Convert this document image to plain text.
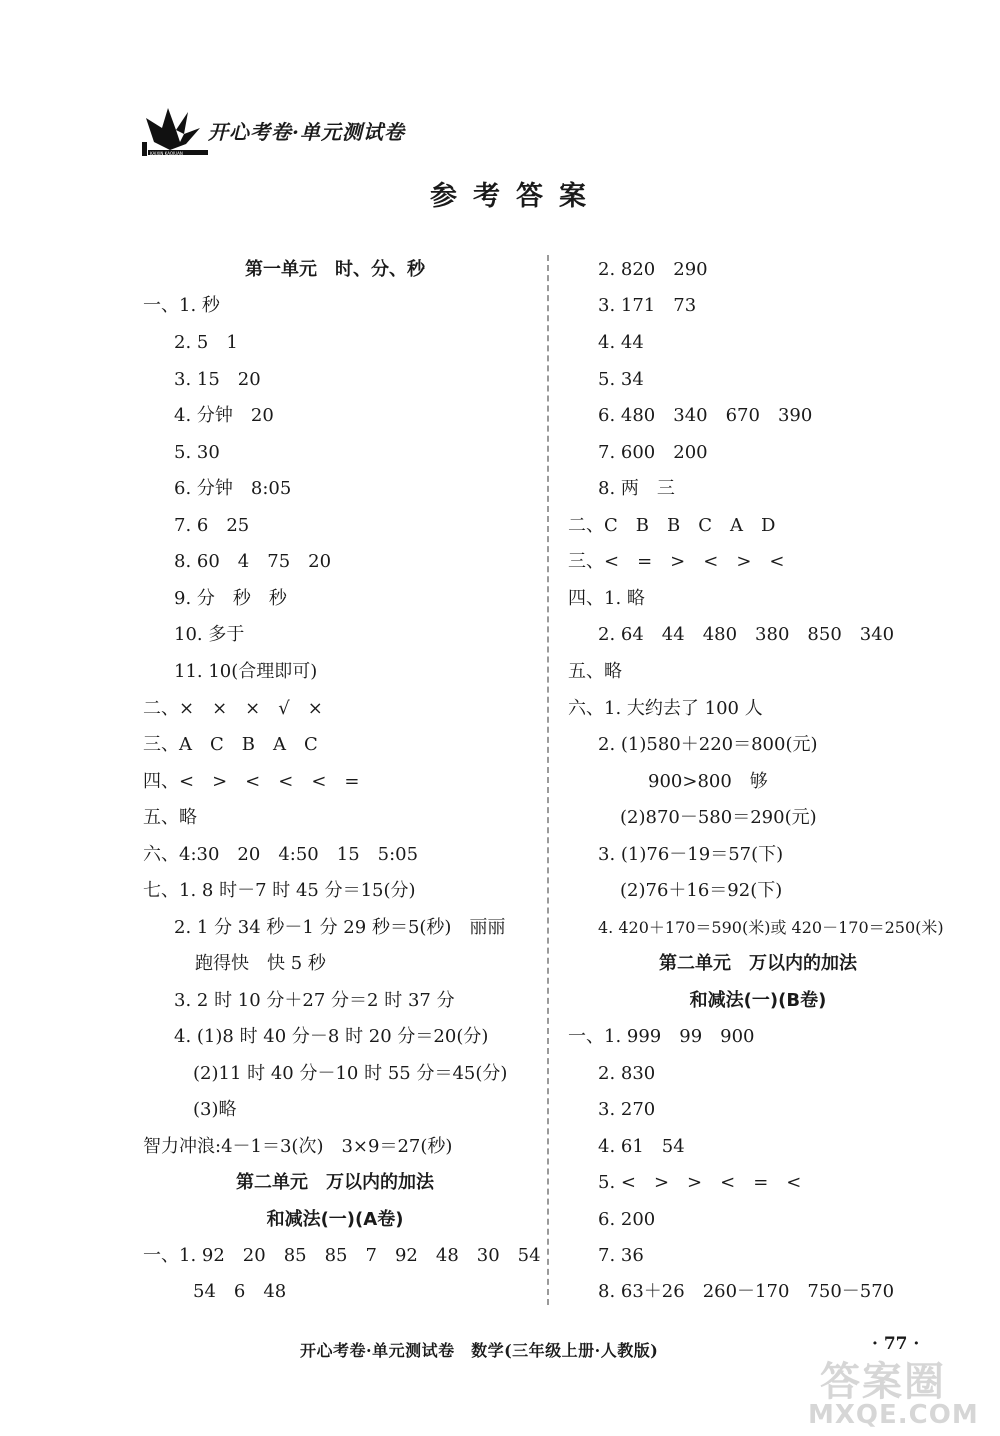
KAIXIN KAOJUAN
开心考卷·单元测试卷
参考答案
第一单元　时、分、秒
一、1. 秒
2. 5　1
3. 15　20
4. 分钟　20
5. 30
6. 分钟　8:05
7. 6　25
8. 60　4　75　20
9. 分　秒　秒
10. 多于
11. 10(合理即可)
二、×　×　×　√　×
三、A　C　B　A　C
四、<　>　<　<　<　=
五、略
六、4:30　20　4:50　15　5:05
七、1. 8 时－7 时 45 分＝15(分)
2. 1 分 34 秒－1 分 29 秒＝5(秒)　丽丽
跑得快　快 5 秒
3. 2 时 10 分＋27 分＝2 时 37 分
4. (1)8 时 40 分－8 时 20 分＝20(分)
(2)11 时 40 分－10 时 55 分＝45(分)
(3)略
智力冲浪:4－1＝3(次)　3×9＝27(秒)
第二单元　万以内的加法
和减法(一)(A卷)
一、1. 92　20　85　85　7　92　48　30　54
54　6　48
2. 820　290
3. 171　73
4. 44
5. 34
6. 480　340　670　390
7. 600　200
8. 两　三
二、C　B　B　C　A　D
三、<　=　>　<　>　<
四、1. 略
2. 64　44　480　380　850　340
五、略
六、1. 大约去了 100 人
2. (1)580＋220＝800(元)
900>800　够
(2)870－580＝290(元)
3. (1)76－19＝57(下)
(2)76＋16＝92(下)
4. 420＋170＝590(米)或 420－170＝250(米)
第二单元　万以内的加法
和减法(一)(B卷)
一、1. 999　99　900
2. 830
3. 270
4. 61　54
5. <　>　>　<　=　<
6. 200
7. 36
8. 63＋26　260－170　750－570
开心考卷·单元测试卷　数学(三年级上册·人教版)	· 77 ·
答案圈
MXQE.COM
